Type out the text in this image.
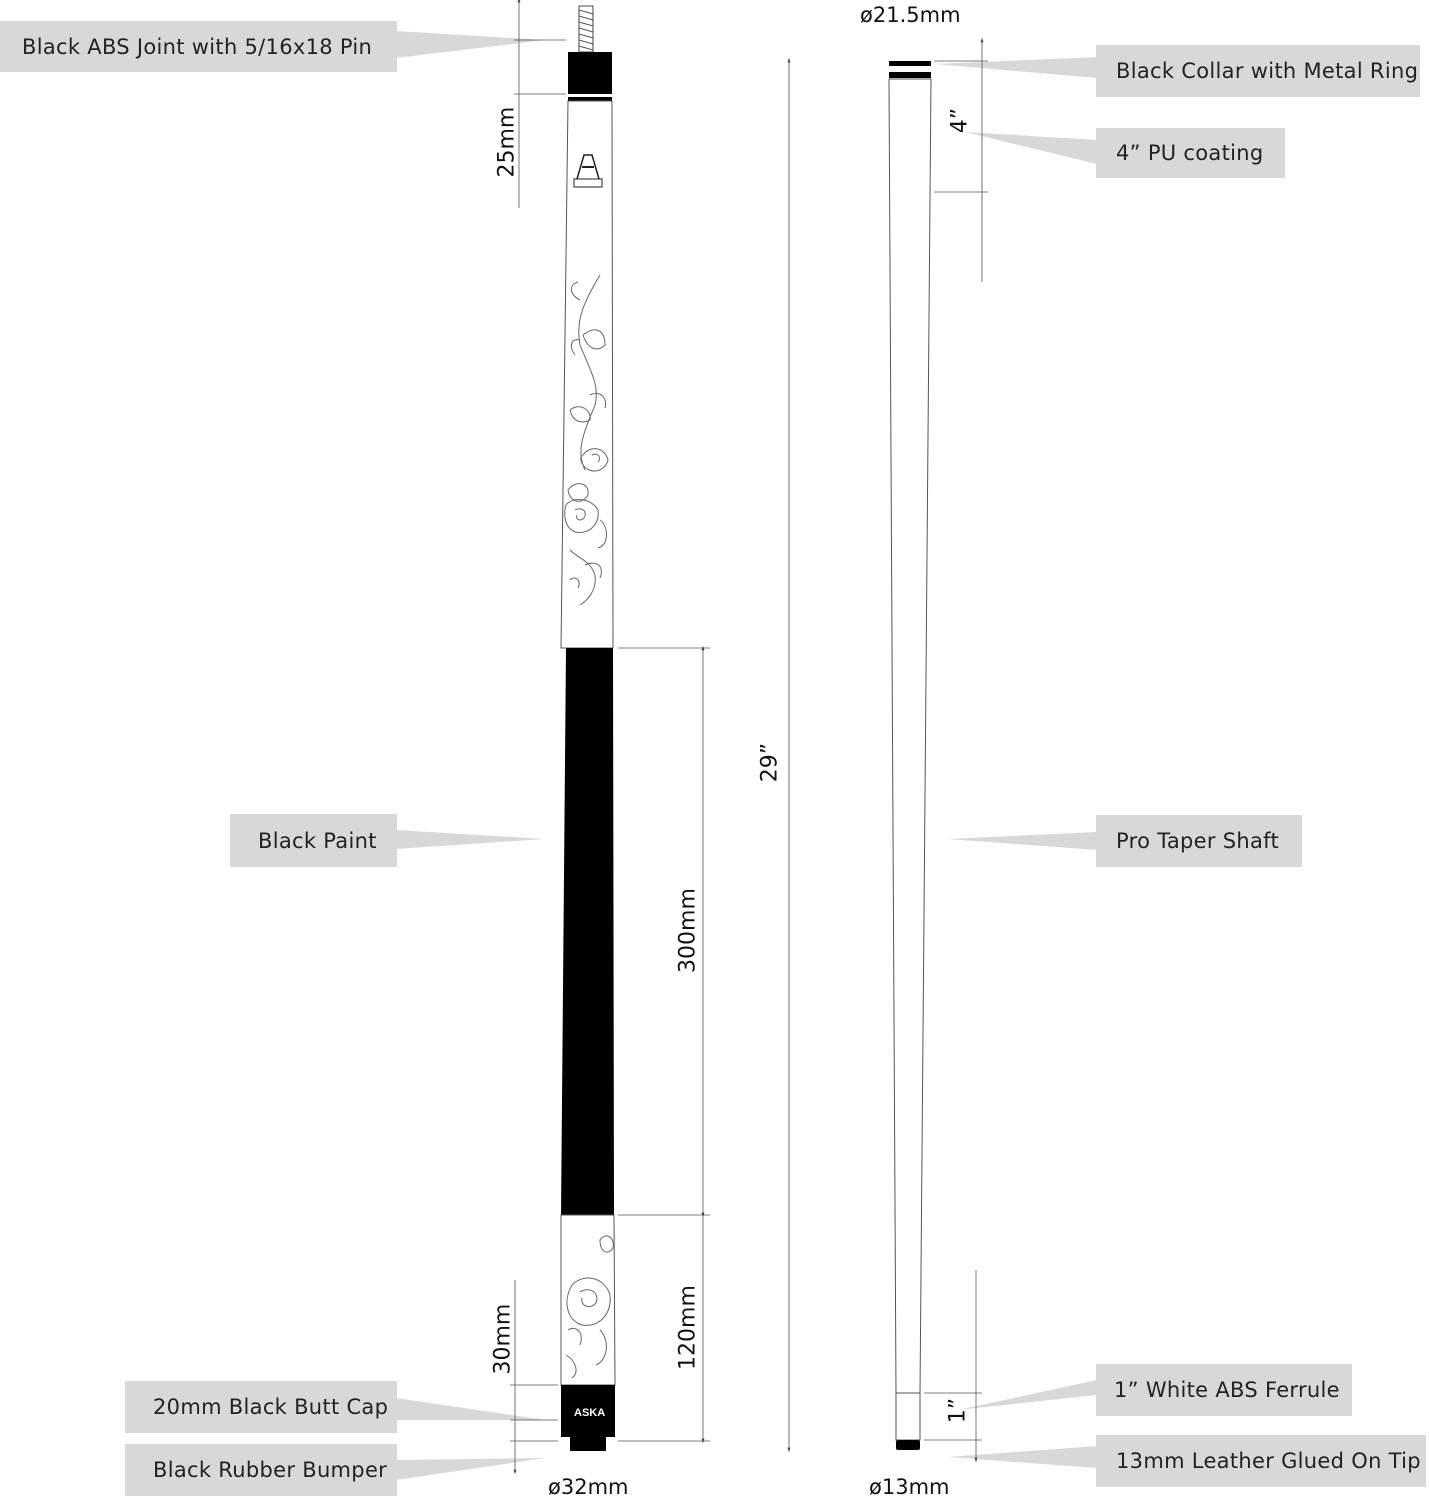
ASKA
Black ABS Joint with 5/16x18 Pin
Black Paint
20mm Black Butt Cap
Black Rubber Bumper
Black Collar with Metal Ring
4” PU coating
Pro Taper Shaft
1” White ABS Ferrule
13mm Leather Glued On Tip
25mm
300mm
120mm
30mm
29”
4”
1”
ø32mm
ø21.5mm
ø13mm
